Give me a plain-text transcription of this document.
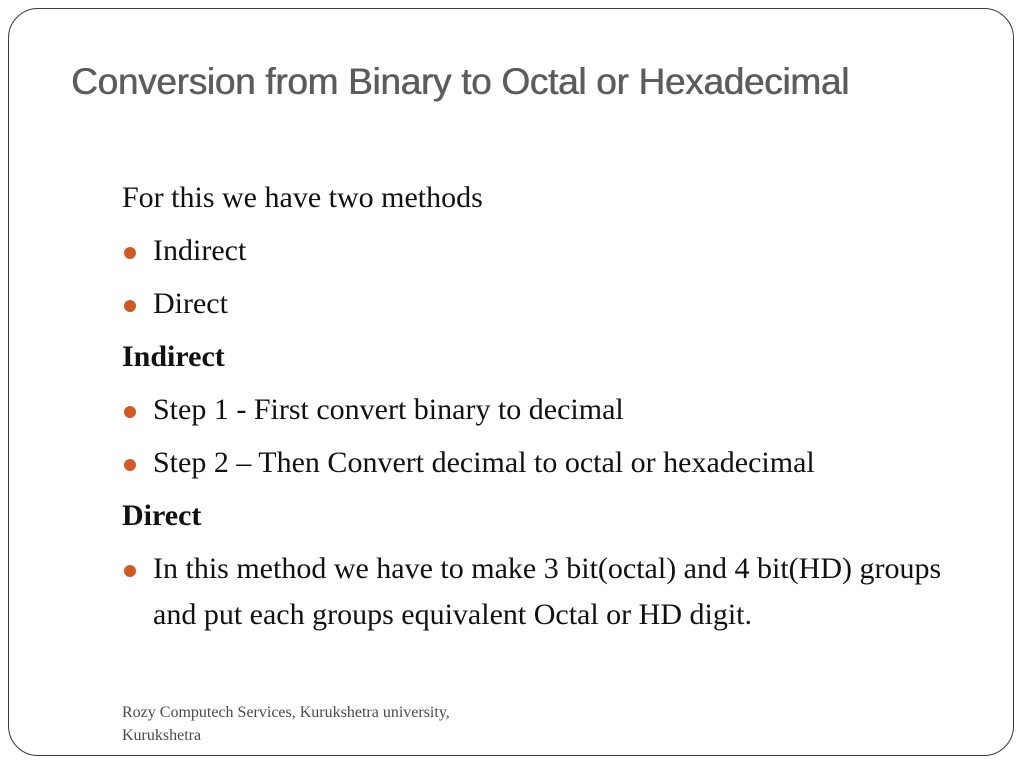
Conversion from Binary to Octal or Hexadecimal
For this we have two methods
Indirect
Direct
Indirect
Step 1 - First convert binary to decimal
Step 2 – Then Convert decimal to octal or hexadecimal
Direct
In this method we have to make 3 bit(octal) and 4 bit(HD) groups and put each groups equivalent Octal or HD digit.
Rozy Computech Services, Kurukshetra university,
Kurukshetra
